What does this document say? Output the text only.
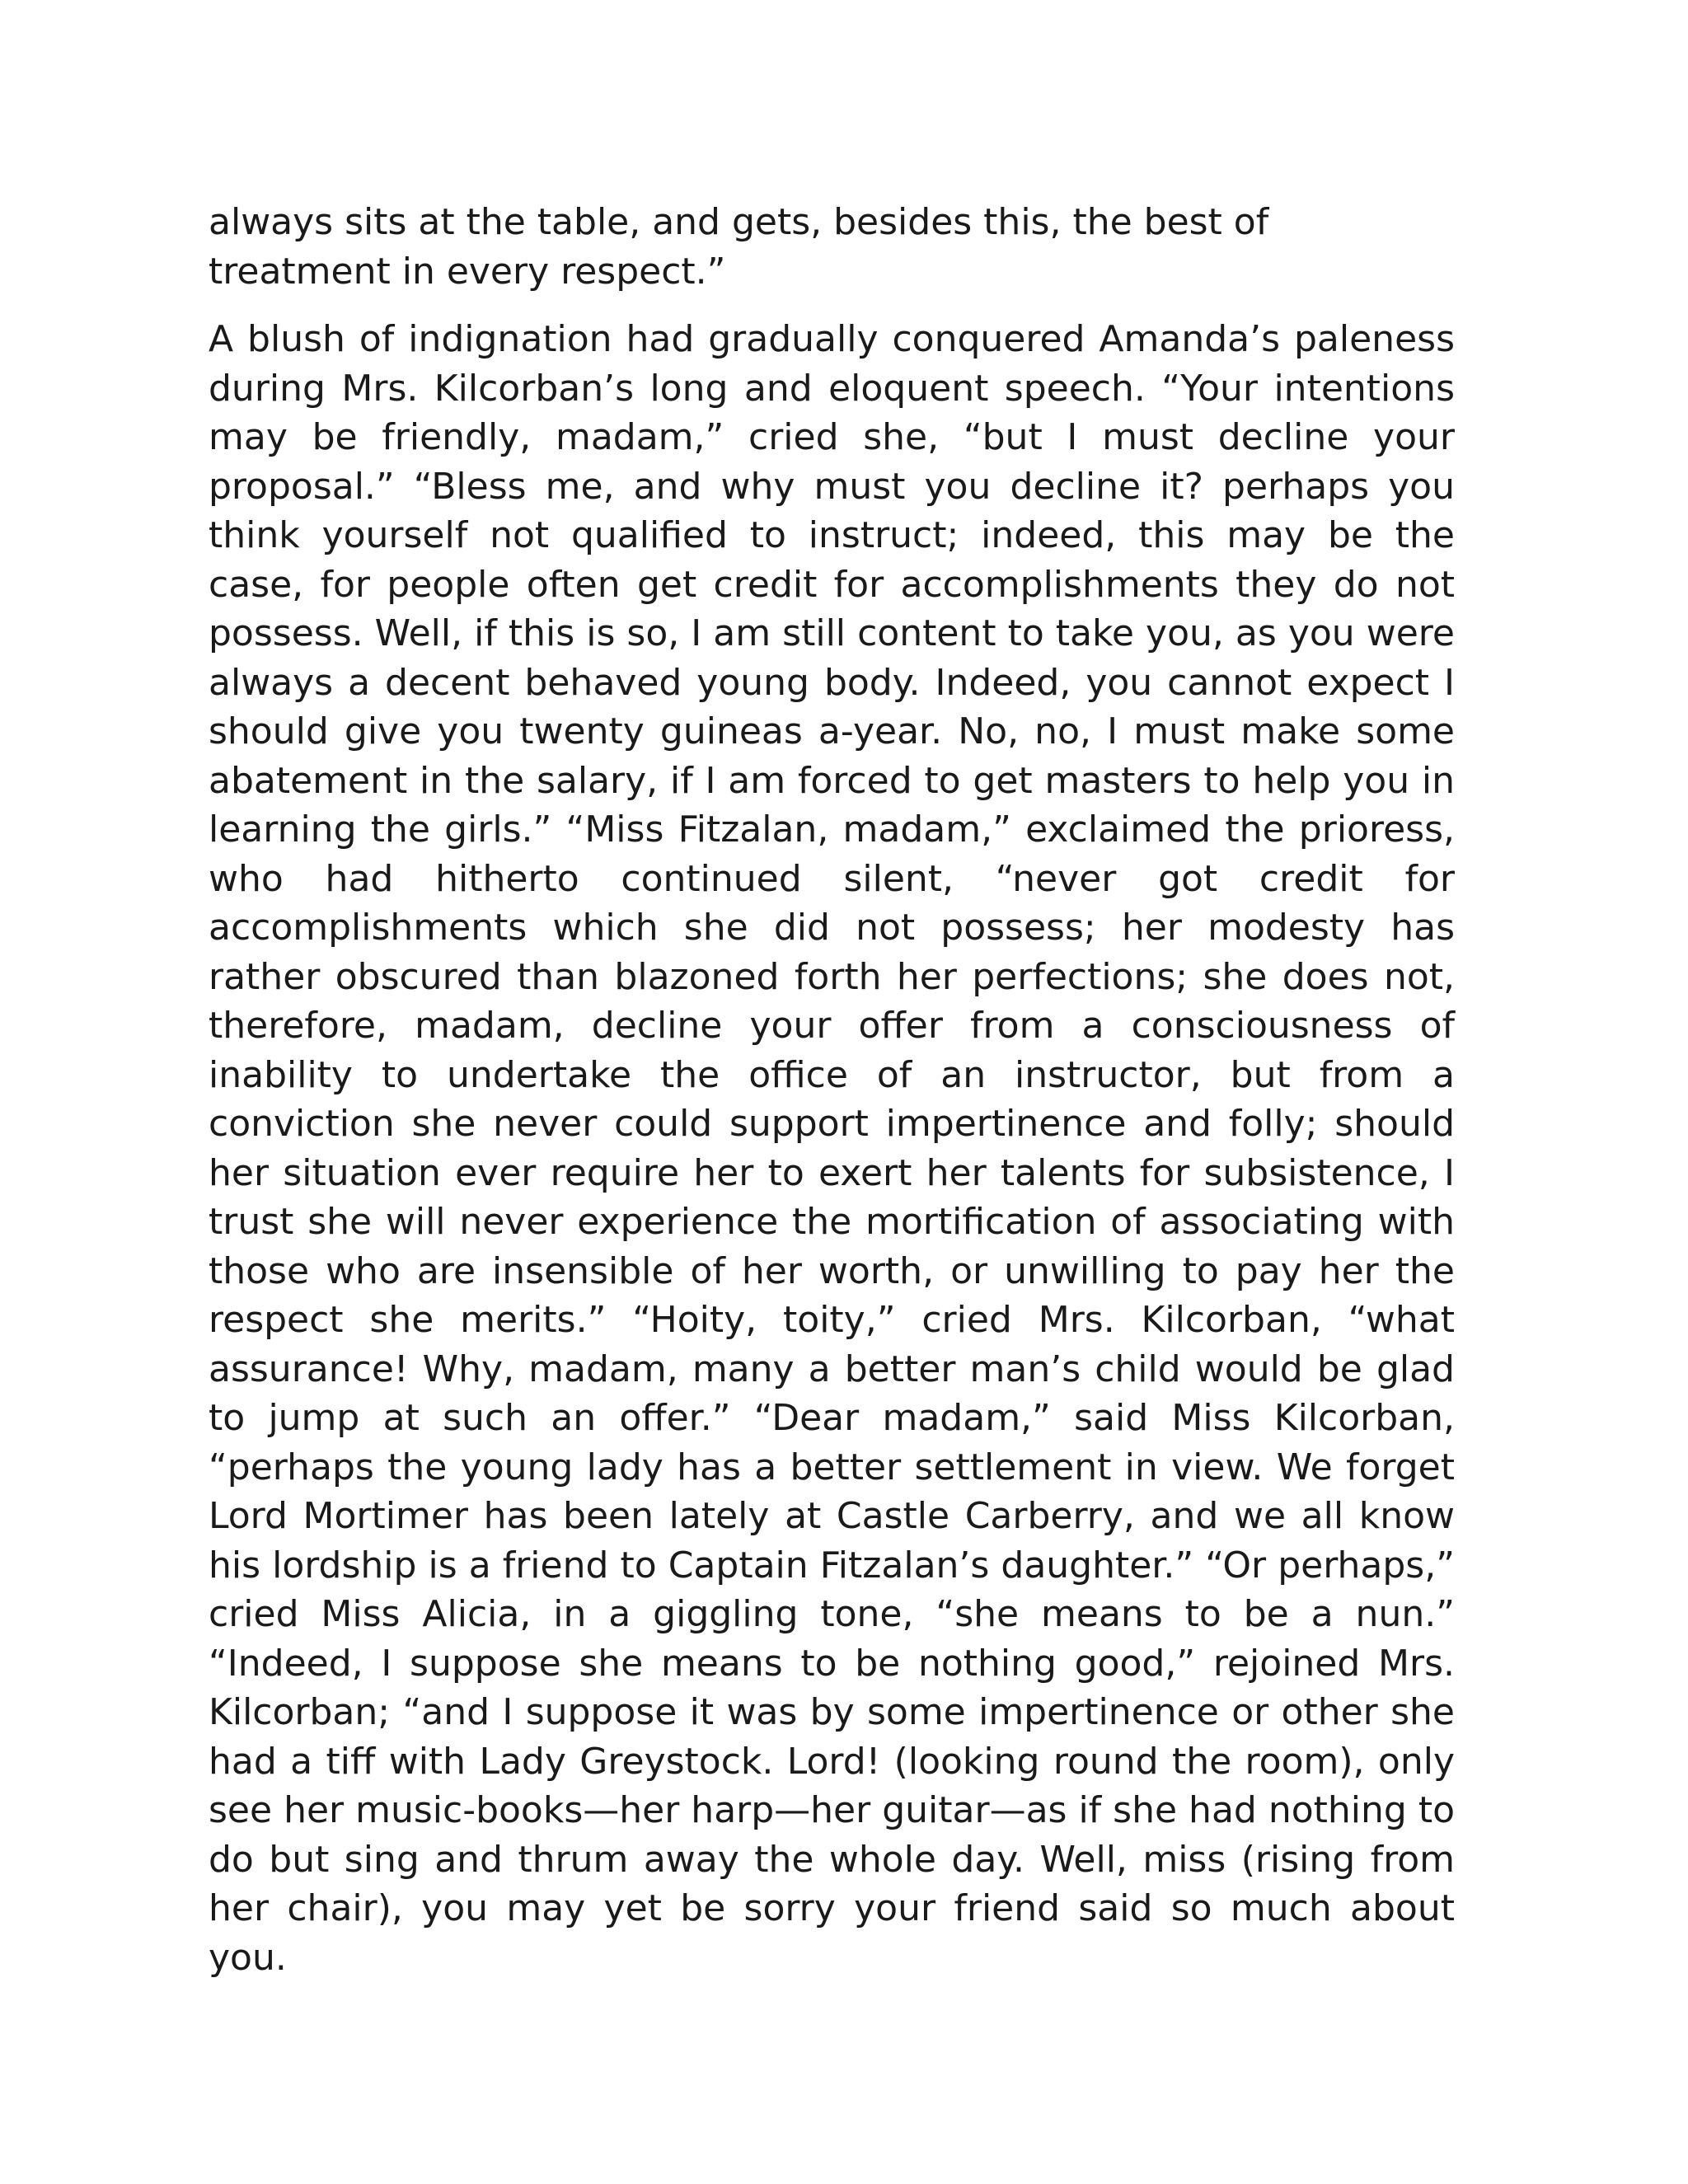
always sits at the table, and gets, besides this, the best of treatment in every respect.”

A blush of indignation had gradually conquered Amanda’s paleness during Mrs. Kilcorban’s long and eloquent speech. “Your intentions may be friendly, madam,” cried she, “but I must decline your proposal.” “Bless me, and why must you decline it? perhaps you think yourself not qualified to instruct; indeed, this may be the case, for people often get credit for accomplishments they do not possess. Well, if this is so, I am still content to take you, as you were always a decent behaved young body. Indeed, you cannot expect I should give you twenty guineas a-year. No, no, I must make some abatement in the salary, if I am forced to get masters to help you in learning the girls.” “Miss Fitzalan, madam,” exclaimed the prioress, who had hitherto continued silent, “never got credit for accomplishments which she did not possess; her modesty has rather obscured than blazoned forth her perfections; she does not, therefore, madam, decline your offer from a consciousness of inability to undertake the office of an instructor, but from a conviction she never could support impertinence and folly; should her situation ever require her to exert her talents for subsistence, I trust she will never experience the mortification of associating with those who are insensible of her worth, or unwilling to pay her the respect she merits.” “Hoity, toity,” cried Mrs. Kilcorban, “what assurance! Why, madam, many a better man’s child would be glad to jump at such an offer.” “Dear madam,” said Miss Kilcorban, “perhaps the young lady has a better settlement in view. We forget Lord Mortimer has been lately at Castle Carberry, and we all know his lordship is a friend to Captain Fitzalan’s daughter.” “Or perhaps,” cried Miss Alicia, in a giggling tone, “she means to be a nun.” “Indeed, I suppose she means to be nothing good,” rejoined Mrs. Kilcorban; “and I suppose it was by some impertinence or other she had a tiff with Lady Greystock. Lord! (looking round the room), only see her music-books—her harp—her guitar—as if she had nothing to do but sing and thrum away the whole day. Well, miss (rising from her chair), you may yet be sorry your friend said so much about you.
